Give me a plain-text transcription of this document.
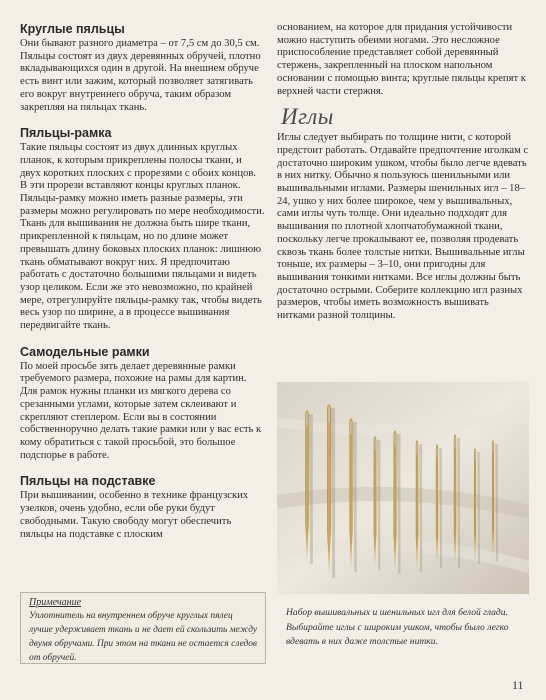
Круглые пяльцы

Они бывают разного диаметра – от 7,5 см до 30,5 см. Пяльцы состоят из двух деревянных обручей, плотно вкладывающихся один в другой. На внешнем обруче есть винт или зажим, который позволяет затягивать его вокруг внутреннего обруча, таким образом закрепляя на пяльцах ткань.

Пяльцы-рамка

Такие пяльцы состоят из двух длинных круглых планок, к которым прикреплены полосы ткани, и двух коротких плоских с прорезями с обоих концов. В эти прорези вставляют концы круглых планок. Пяльцы-рамку можно иметь разные размеры, эти размеры можно регулировать по мере необходимости. Ткань для вышивания не должна быть шире ткани, прикрепленной к пяльцам, но по длине может превышать длину боковых плоских планок: лишнюю ткань обматывают вокруг них. Я предпочитаю работать с достаточно большими пяльцами и видеть узор целиком. Если же это невозможно, по крайней мере, отрегулируйте пяльцы-рамку так, чтобы видеть весь узор по ширине, а в процессе вышивания передвигайте ткань.

Самодельные рамки

По моей просьбе зять делает деревянные рамки требуемого размера, похожие на рамы для картин. Для рамок нужны планки из мягкого дерева со срезанными углами, которые затем склеивают и скрепляют степлером. Если вы в состоянии собственноручно делать такие рамки или у вас есть к кому обратиться с такой просьбой, это большое подспорье в работе.

Пяльцы на подставке

При вышивании, особенно в технике французских узелков, очень удобно, если обе руки будут свободными. Такую свободу могут обеспечить пяльцы на подставке с плоским

основанием, на которое для придания устойчивости можно наступить обеими ногами. Это несложное приспособление представляет собой деревянный стержень, закрепленный на плоском напольном основании с помощью винта; круглые пяльцы крепят к верхней части стержня.

Иглы

Иглы следует выбирать по толщине нити, с которой предстоит работать. Отдавайте предпочтение иголкам с достаточно широким ушком, чтобы было легче вдевать в них нитку. Обычно я пользуюсь шенильными или вышивальными иглами. Размеры шенильных игл – 18–24, ушко у них более широкое, чем у вышивальных, сами иглы чуть толще. Они идеально подходят для вышивания по плотной хлопчатобумажной ткани, поскольку легче прокалывают ее, позволяя продевать сквозь ткань более толстые нитки. Вышивальные иглы тоньше, их размеры – 3–10, они пригодны для вышивания тонкими нитками. Все иглы должны быть достаточно острыми. Соберите коллекцию игл разных размеров, чтобы иметь возможность вышивать нитками разной толщины.

Примечание
Уплотнитель на внутреннем обруче круглых пялец лучше удерживает ткань и не дает ей скользить между двумя обручами. При этом на ткани не остается следов от обручей.
Набор вышивальных и шенильных игл для белой глади. Выбирайте иглы с широким ушком, чтобы было легко вдевать в них даже толстые нитки.
11
